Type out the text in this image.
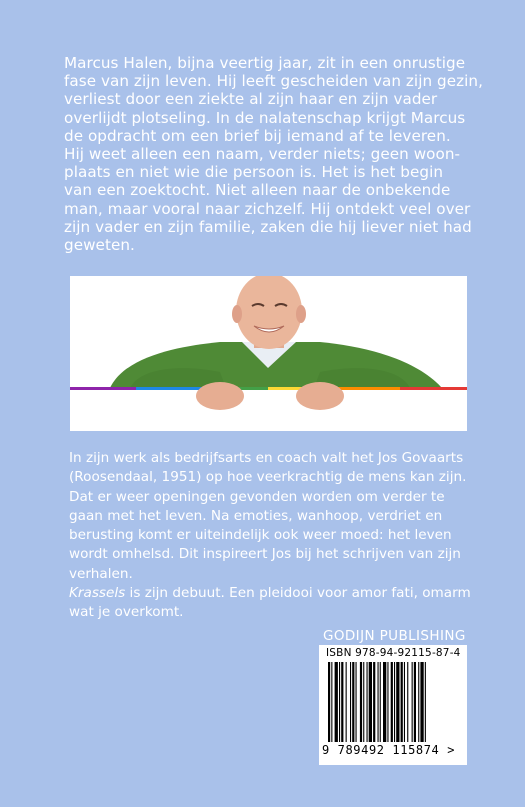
Marcus Halen, bijna veertig jaar, zit in een onrustige
fase van zijn leven. Hij leeft gescheiden van zijn gezin,
verliest door een ziekte al zijn haar en zijn vader
overlijdt plotseling. In de nalatenschap krijgt Marcus
de opdracht om een brief bij iemand af te leveren.
Hij weet alleen een naam, verder niets; geen woon-
plaats en niet wie die persoon is. Het is het begin
van een zoektocht. Niet alleen naar de onbekende
man, maar vooral naar zichzelf. Hij ontdekt veel over
zijn vader en zijn familie, zaken die hij liever niet had
geweten.

In zijn werk als bedrijfsarts en coach valt het Jos Govaarts
(Roosendaal, 1951) op hoe veerkrachtig de mens kan zijn.
Dat er weer openingen gevonden worden om verder te
gaan met het leven. Na emoties, wanhoop, verdriet en
berusting komt er uiteindelijk ook weer moed: het leven
wordt omhelsd. Dit inspireert Jos bij het schrijven van zijn
verhalen.
Krassels is zijn debuut. Een pleidooi voor amor fati, omarm
wat je overkomt.

GODIJN PUBLISHING
ISBN 978-94-92115-87-4
9 789492 115874 >
